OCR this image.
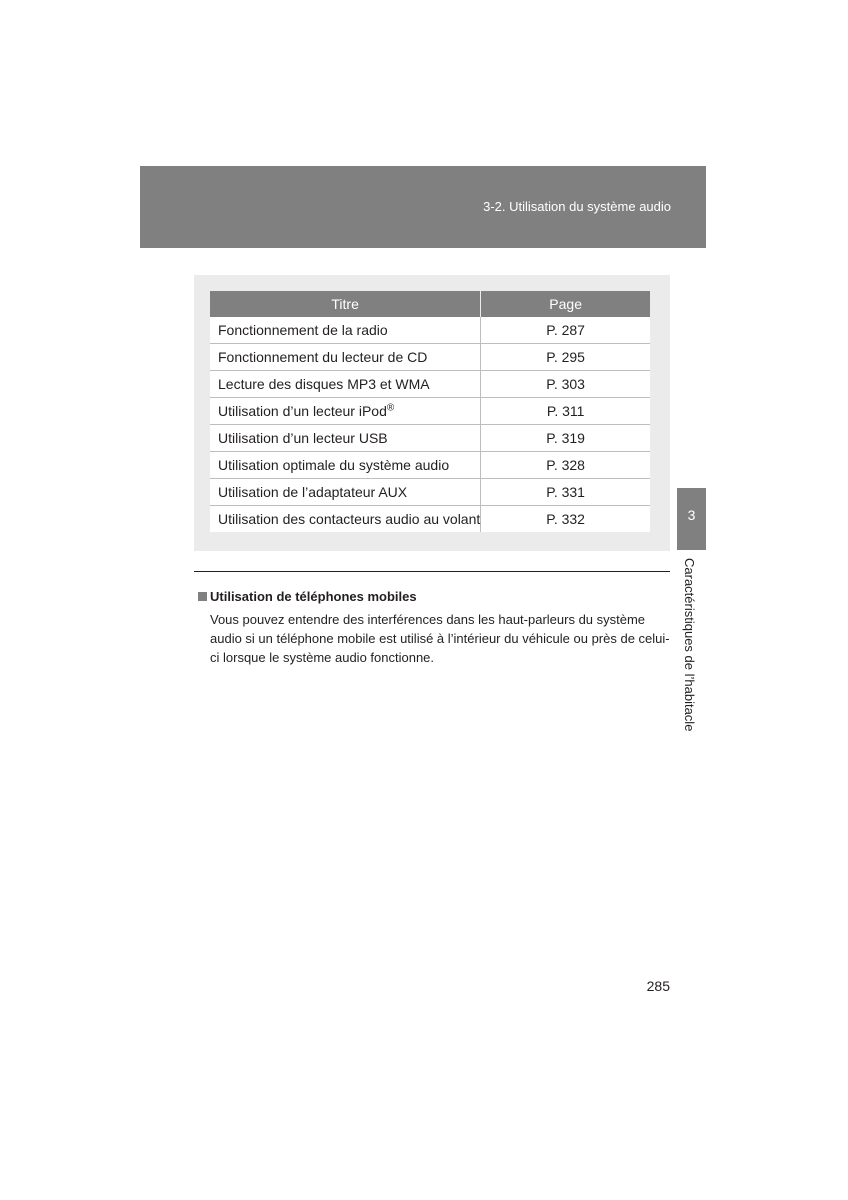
3-2. Utilisation du système audio
Titre	Page
Fonctionnement de la radio	P. 287
Fonctionnement du lecteur de CD	P. 295
Lecture des disques MP3 et WMA	P. 303
Utilisation d’un lecteur iPod®	P. 311
Utilisation d’un lecteur USB	P. 319
Utilisation optimale du système audio	P. 328
Utilisation de l’adaptateur AUX	P. 331
Utilisation des contacteurs audio au volant	P. 332
Utilisation de téléphones mobiles
Vous pouvez entendre des interférences dans les haut-parleurs du système audio si un téléphone mobile est utilisé à l’intérieur du véhicule ou près de celui-ci lorsque le système audio fonctionne.
3
Caractéristiques de l’habitacle
285
